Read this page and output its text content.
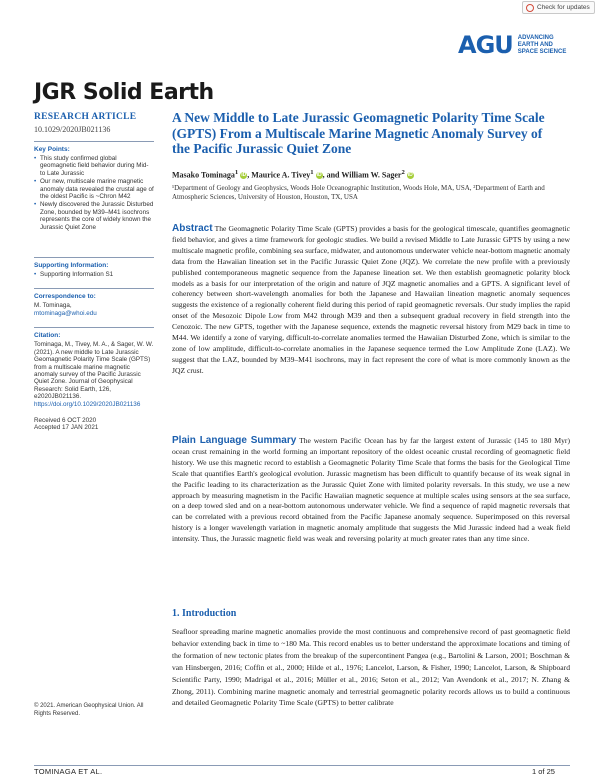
Check for updates
AGU ADVANCING
EARTH AND
SPACE SCIENCE
JGR Solid Earth
RESEARCH ARTICLE
10.1029/2020JB021136
Key Points:
• This study confirmed global geomagnetic field behavior during Mid- to Late Jurassic
• Our new, multiscale marine magnetic anomaly data revealed the crustal age of the oldest Pacific is ~Chron M42
• Newly discovered the Jurassic Disturbed Zone, bounded by M39–M41 isochrons represents the core of widely known the Jurassic Quiet Zone
Supporting Information:
• Supporting Information S1
Correspondence to:
M. Tominaga,
mtominaga@whoi.edu
Citation:
Tominaga, M., Tivey, M. A., & Sager, W. W. (2021). A new middle to Late Jurassic Geomagnetic Polarity Time Scale (GPTS) from a multiscale marine magnetic anomaly survey of the Pacific Jurassic Quiet Zone. Journal of Geophysical Research: Solid Earth, 126, e2020JB021136.
https://doi.org/10.1029/2020JB021136
Received 6 OCT 2020
Accepted 17 JAN 2021
© 2021. American Geophysical Union. All Rights Reserved.
A New Middle to Late Jurassic Geomagnetic Polarity Time Scale (GPTS) From a Multiscale Marine Magnetic Anomaly Survey of the Pacific Jurassic Quiet Zone
Masako Tominaga$^1$ iD, Maurice A. Tivey$^1$ iD, and William W. Sager$^2$ iD
¹Department of Geology and Geophysics, Woods Hole Oceanographic Institution, Woods Hole, MA, USA, ²Department of Earth and Atmospheric Sciences, University of Houston, Houston, TX, USA
Abstract The Geomagnetic Polarity Time Scale (GPTS) provides a basis for the geological timescale, quantifies geomagnetic field behavior, and gives a time framework for geologic studies. We build a revised Middle to Late Jurassic GPTS by using a new multiscale magnetic profile, combining sea surface, midwater, and autonomous underwater vehicle near-bottom magnetic anomaly data from the Hawaiian lineation set in the Pacific Jurassic Quiet Zone (JQZ). We correlate the new profile with a previously published contemporaneous magnetic sequence from the Japanese lineation set. We then establish geomagnetic polarity block models as a basis for our interpretation of the origin and nature of JQZ magnetic anomalies and a GPTS. A significant level of coherency between short-wavelength anomalies for both the Japanese and Hawaiian lineation magnetic anomaly sequences suggests the existence of a regionally coherent field during this period of rapid geomagnetic reversals. Our study implies the rapid onset of the Mesozoic Dipole Low from M42 through M39 and then a subsequent gradual recovery in field strength into the Cenozoic. The new GPTS, together with the Japanese sequence, extends the magnetic reversal history from M29 back in time to M44. We identify a zone of varying, difficult-to-correlate anomalies termed the Hawaiian Disturbed Zone, which is similar to the zone of low amplitude, difficult-to-correlate anomalies in the Japanese sequence termed the Low Amplitude Zone (LAZ). We suggest that the LAZ, bounded by M39–M41 isochrons, may in fact represent the core of what is more commonly known as the JQZ crust.
Plain Language Summary The western Pacific Ocean has by far the largest extent of Jurassic (145 to 180 Myr) ocean crust remaining in the world forming an important repository of the oldest oceanic crustal recording of geomagnetic field history. We use this magnetic record to establish a Geomagnetic Polarity Time Scale that forms the basis for the Geological Time Scale that quantifies Earth's geological evolution. Jurassic magnetism has been difficult to quantify because of its weak signal in the Pacific leading to its characterization as the Jurassic Quiet Zone with limited polarity reversals. In this study, we use a new approach by measuring magnetism in the Pacific Hawaiian magnetic sequence at multiple scales using sensors at the sea surface, on a deep towed sled and on a near-bottom autonomous underwater vehicle. We find a sequence of rapid magnetic reversals that can be correlated with a previous record obtained from the Pacific Japanese anomaly sequence. Superimposed on this reversal history is a longer wavelength variation in magnetic anomaly amplitude that suggests the Mid Jurassic indeed had a weak field intensity. Thus, the Jurassic magnetic field was weak and reversing polarity at much greater rates than any time since.
1. Introduction
Seafloor spreading marine magnetic anomalies provide the most continuous and comprehensive record of past geomagnetic field behavior extending back in time to ~180 Ma. This record enables us to better understand the approximate locations and timing of the formation of new tectonic plates from the breakup of the supercontinent Pangea (e.g., Bartolini & Larson, 2001; Boschman & van Hinsbergen, 2016; Coffin et al., 2000; Hilde et al., 1976; Lancelot, Larson, & Fisher, 1990; Lancelot, Larson, & Shipboard Scientific Party, 1990; Madrigal et al., 2016; Müller et al., 2016; Seton et al., 2012; Van Avendonk et al., 2017; N. Zhang & Zhong, 2011). Combining marine magnetic anomaly and terrestrial geomagnetic polarity records allows us to build a continuous and detailed Geomagnetic Polarity Time Scale (GPTS) to better calibrate
TOMINAGA ET AL.	1 of 25
